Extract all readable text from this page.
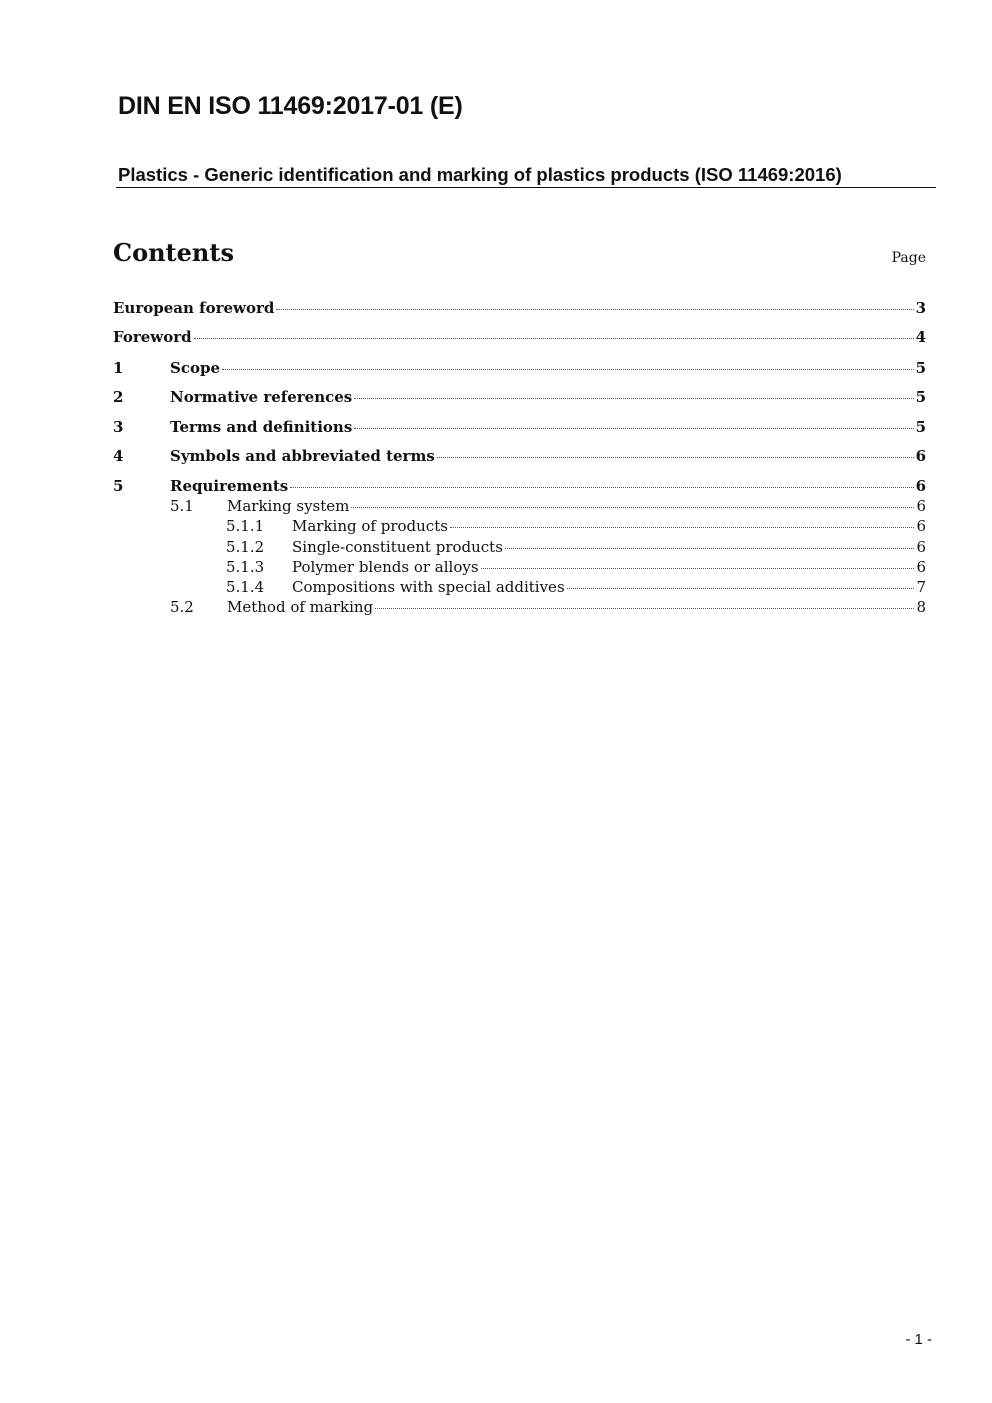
DIN EN ISO 11469:2017-01 (E)
Plastics - Generic identification and marking of plastics products (ISO 11469:2016)
Contents	Page
European foreword	3
Foreword	4
1	Scope	5
2	Normative references	5
3	Terms and definitions	5
4	Symbols and abbreviated terms	6
5	Requirements	6
5.1	Marking system	6
5.1.1	Marking of products	6
5.1.2	Single-constituent products	6
5.1.3	Polymer blends or alloys	6
5.1.4	Compositions with special additives	7
5.2	Method of marking	8
- 1 -
